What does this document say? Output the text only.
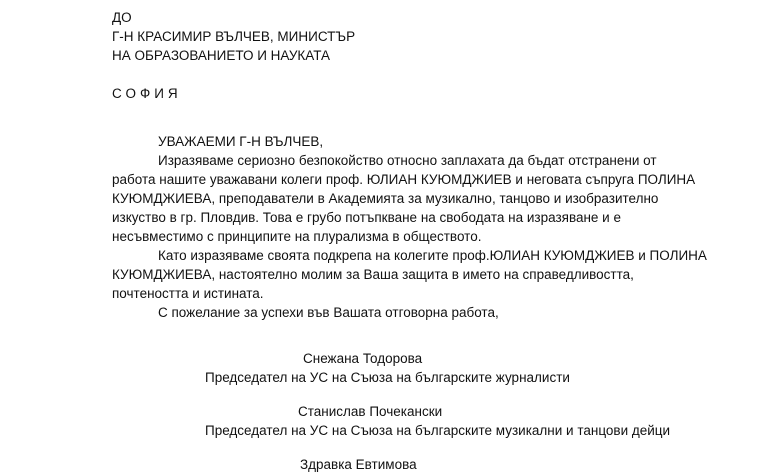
ДО
Г-Н КРАСИМИР ВЪЛЧЕВ, МИНИСТЪР
НА ОБРАЗОВАНИЕТО И НАУКАТА
СОФИЯ
УВАЖАЕМИ Г-Н ВЪЛЧЕВ,
Изразяваме сериозно безпокойство относно заплахата да бъдат отстранени от
работа нашите уважавани колеги проф. ЮЛИАН КУЮМДЖИЕВ и неговата съпруга ПОЛИНА
КУЮМДЖИЕВА, преподаватели в Академията за музикално, танцово и изобразително
изкуство в гр. Пловдив. Това е грубо потъпкване на свободата на изразяване и е
несъвместимо с принципите на плурализма в обществото.
Като изразяваме своята подкрепа на колегите проф.ЮЛИАН КУЮМДЖИЕВ и ПОЛИНА
КУЮМДЖИЕВА, настоятелно молим за Ваша защита в името на справедливостта,
почтеността и истината.
С пожелание за успехи във Вашата отговорна работа,
Снежана Тодорова
Председател на УС на Съюза на българските журналисти
Станислав Почекански
Председател на УС на Съюза на българските музикални и танцови дейци
Здравка Евтимова
